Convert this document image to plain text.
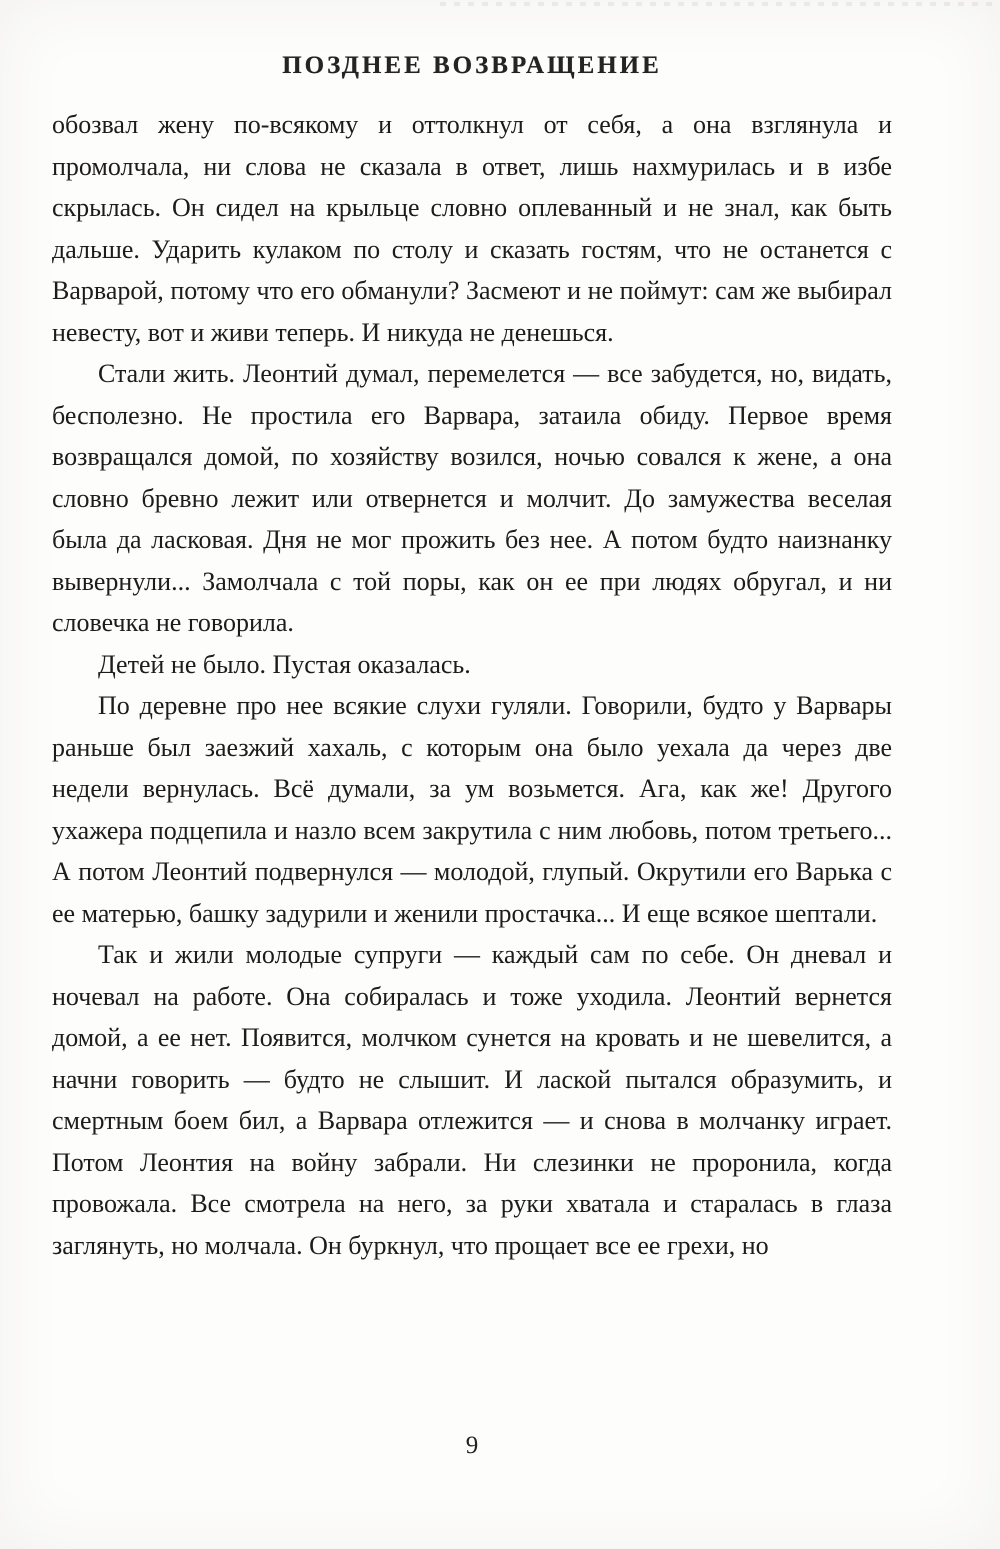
ПОЗДНЕЕ ВОЗВРАЩЕНИЕ

обозвал жену по-всякому и оттолкнул от себя, а она взглянула и промолчала, ни слова не сказала в ответ, лишь нахмурилась и в избе скрылась. Он сидел на крыльце словно оплеванный и не знал, как быть дальше. Ударить кулаком по столу и сказать гостям, что не останется с Варварой, потому что его обманули? Засмеют и не поймут: сам же выбирал невесту, вот и живи теперь. И никуда не денешься.

Стали жить. Леонтий думал, перемелется — все забудется, но, видать, бесполезно. Не простила его Варвара, затаила обиду. Первое время возвращался домой, по хозяйству возился, ночью совался к жене, а она словно бревно лежит или отвернется и молчит. До замужества веселая была да ласковая. Дня не мог прожить без нее. А потом будто наизнанку вывернули... Замолчала с той поры, как он ее при людях обругал, и ни словечка не говорила.

Детей не было. Пустая оказалась.

По деревне про нее всякие слухи гуляли. Говорили, будто у Варвары раньше был заезжий хахаль, с которым она было уехала да через две недели вернулась. Всё думали, за ум возьмется. Ага, как же! Другого ухажера подцепила и назло всем закрутила с ним любовь, потом третьего... А потом Леонтий подвернулся — молодой, глупый. Окрутили его Варька с ее матерью, башку задурили и женили простачка... И еще всякое шептали.

Так и жили молодые супруги — каждый сам по себе. Он дневал и ночевал на работе. Она собиралась и тоже уходила. Леонтий вернется домой, а ее нет. Появится, молчком сунется на кровать и не шевелится, а начни говорить — будто не слышит. И лаской пытался образумить, и смертным боем бил, а Варвара отлежится — и снова в молчанку играет. Потом Леонтия на войну забрали. Ни слезинки не проронила, когда провожала. Все смотрела на него, за руки хватала и старалась в глаза заглянуть, но молчала. Он буркнул, что прощает все ее грехи, но

9
